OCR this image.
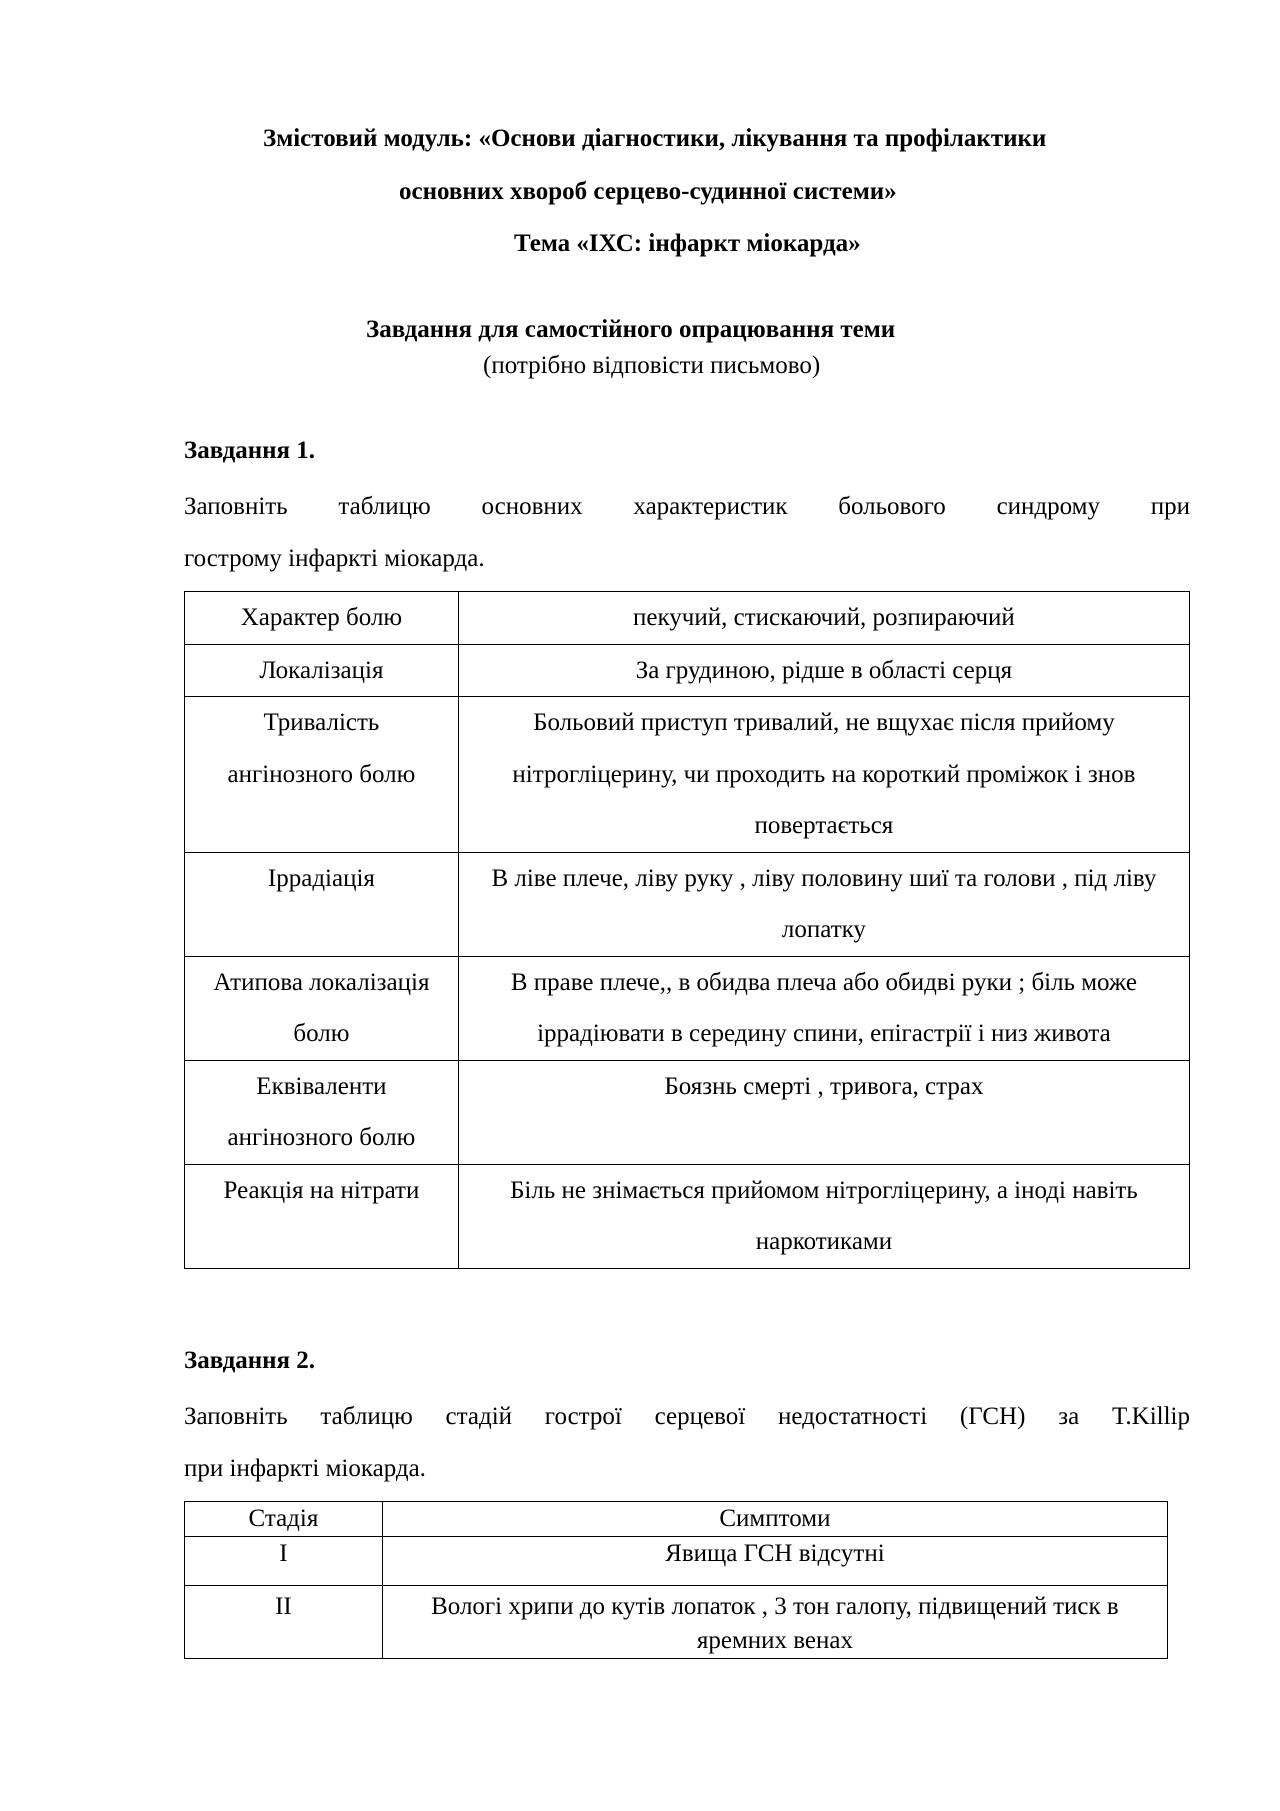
Змістовий модуль: «Основи діагностики, лікування та профілактики
основних хвороб серцево-судинної системи»
Тема «ІХС: інфаркт міокарда»
Завдання для самостійного опрацювання теми
(потрібно відповісти письмово)
Завдання 1.
Заповніть таблицю основних характеристик больового синдрому при
гострому інфаркті міокарда.
Характер болю	пекучий, стискаючий, розпираючий
Локалізація	За грудиною, рідше в області серця
Тривалість ангінозного болю	Больовий приступ тривалий, не вщухає після прийому нітрогліцерину, чи проходить на короткий проміжок і знов повертається
Іррадіація	В ліве плече, ліву руку , ліву половину шиї та голови , під ліву лопатку
Атипова локалізація болю	В праве плече,, в обидва плеча або обидві руки ; біль може іррадіювати в середину спини, епігастрії і низ живота
Еквіваленти ангінозного болю	Боязнь смерті , тривога, страх
Реакція на нітрати	Біль не знімається прийомом нітрогліцерину, а іноді навіть наркотиками
Завдання 2.
Заповніть таблицю стадій гострої серцевої недостатності (ГСН) за T.Killip
при інфаркті міокарда.
Стадія	Симптоми
I	Явища ГСН відсутні
II	Вологі хрипи до кутів лопаток , 3 тон галопу, підвищений тиск в яремних венах
